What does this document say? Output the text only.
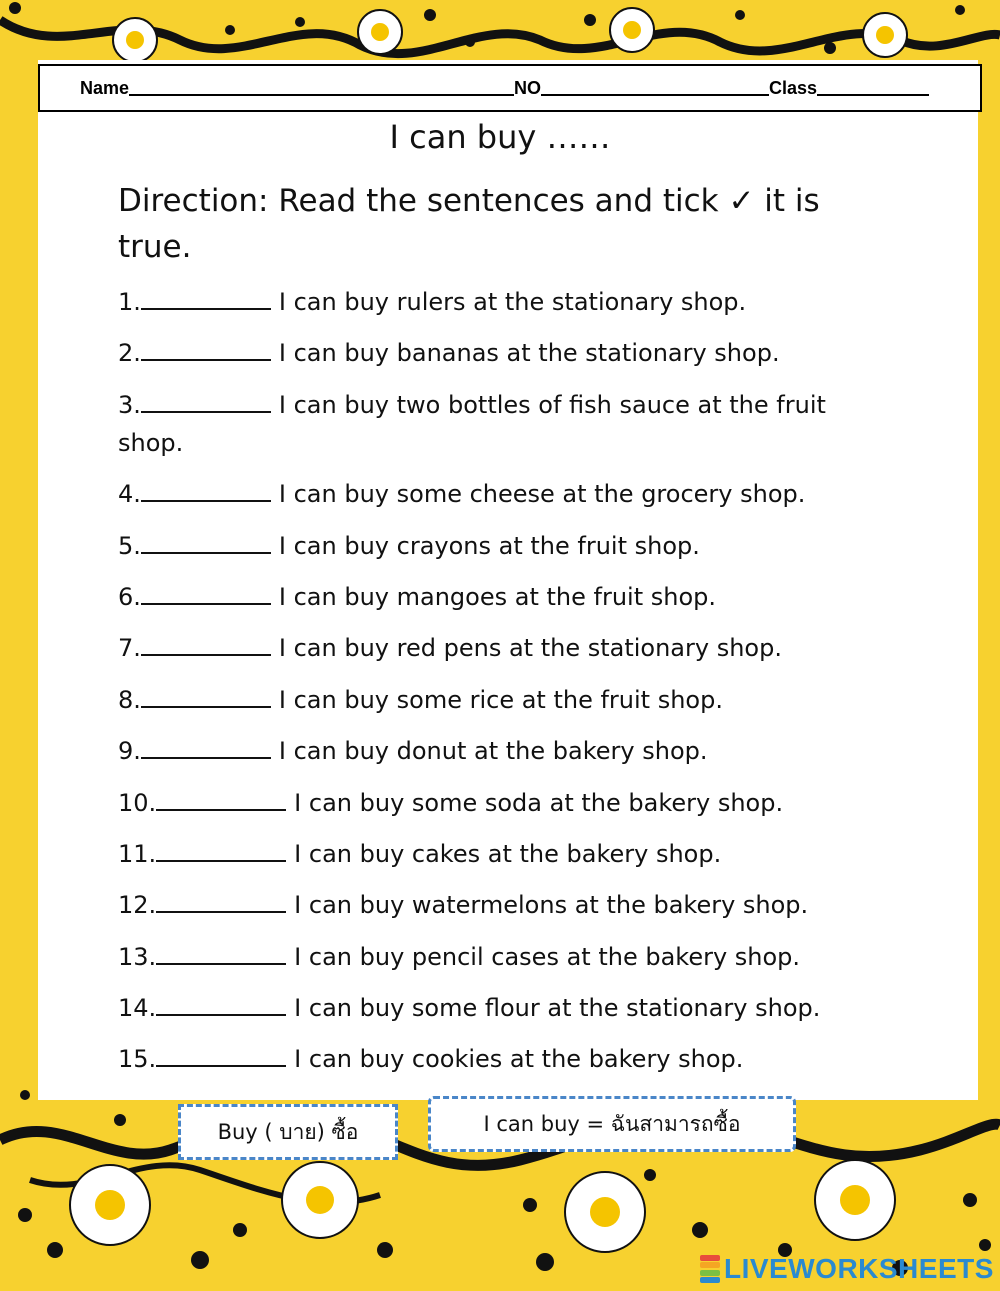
Name	NO	Class
I can buy ……
Direction: Read the sentences and tick ✓ it is true.
1.	I can buy rulers at the stationary shop.
2.	I can buy bananas at the stationary shop.
3.	I can buy two bottles of fish sauce at the fruit shop.
4.	I can buy some cheese at the grocery shop.
5.	I can buy crayons at the fruit shop.
6.	I can buy mangoes at the fruit shop.
7.	I can buy red pens at the stationary shop.
8.	I can buy some rice at the fruit shop.
9.	I can buy donut at the bakery shop.
10.	I can buy some soda at the bakery shop.
11.	I can buy cakes at the bakery shop.
12.	I can buy watermelons at the bakery shop.
13.	I can buy pencil cases at the bakery shop.
14.	I can buy some flour at the stationary shop.
15.	I can buy cookies at the bakery shop.
Buy ( บาย) ซื้อ	I can buy = ฉันสามารถซื้อ
LIVEWORKSHEETS
